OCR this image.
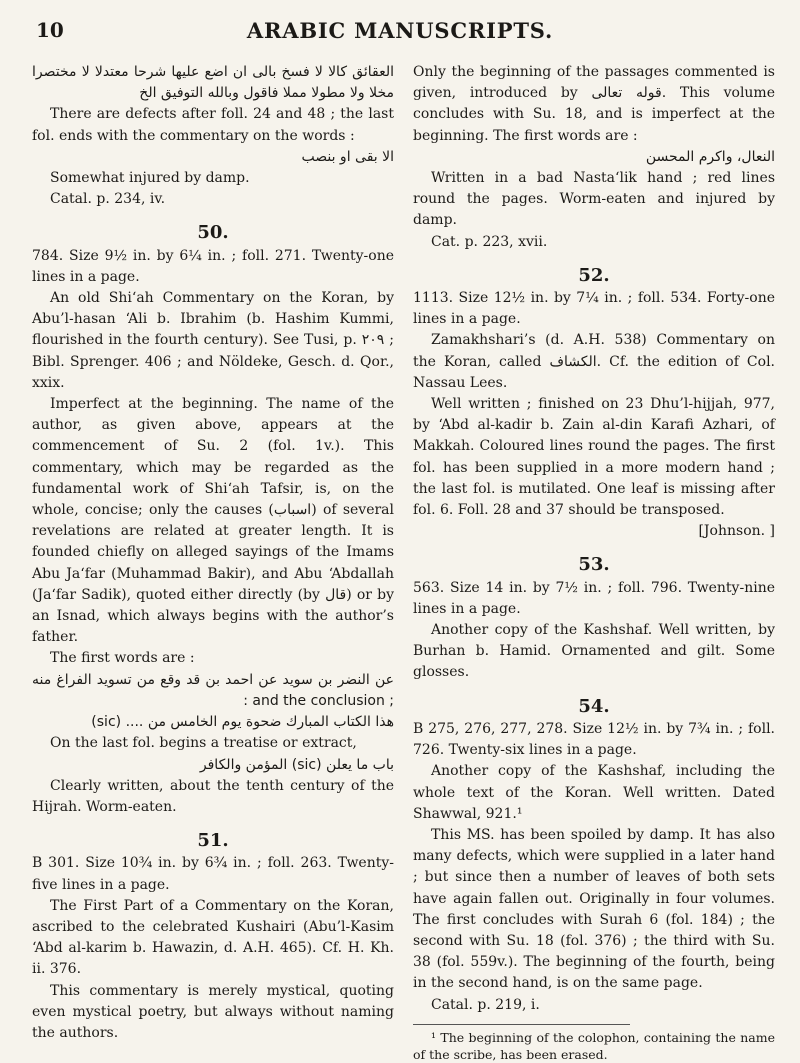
10	ARABIC MANUSCRIPTS.

العقائق كالا لا فسخ بالى ان اضع عليها شرحا معتدلا لا مختصرا مخلا ولا مطولا مملا فاقول وبالله التوفيق الخ

There are defects after foll. 24 and 48 ; the last fol. ends with the commentary on the words :

الا بقى او بنصب

Somewhat injured by damp.

Catal. p. 234, iv.

50.

784. Size 9½ in. by 6¼ in. ; foll. 271. Twenty-one lines in a page.

An old Shi‘ah Commentary on the Koran, by Abu’l-hasan ‘Ali b. Ibrahim (b. Hashim Kummi, flourished in the fourth century). See Tusi, p. ٢٠٩ ; Bibl. Sprenger. 406 ; and Nöldeke, Gesch. d. Qor., xxix.

Imperfect at the beginning. The name of the author, as given above, appears at the commencement of Su. 2 (fol. 1v.). This commentary, which may be regarded as the fundamental work of Shi‘ah Tafsir, is, on the whole, concise; only the causes (اسباب) of several revelations are related at greater length. It is founded chiefly on alleged sayings of the Imams Abu Ja‘far (Muhammad Bakir), and Abu ‘Abdallah (Ja‘far Sadik), quoted either directly (by قال) or by an Isnad, which always begins with the author’s father.

The first words are :

عن النضر بن سويد عن احمد بن قد وقع من تسويد الفراغ منه ; and the conclusion :

هذا الكتاب المبارك ضحوة يوم الخامس من .... (sic)

On the last fol. begins a treatise or extract,

باب ما يعلن (sic) المؤمن والكافر

Clearly written, about the tenth century of the Hijrah. Worm-eaten.

51.

B 301. Size 10¾ in. by 6¾ in. ; foll. 263. Twenty-five lines in a page.

The First Part of a Commentary on the Koran, ascribed to the celebrated Kushairi (Abu’l-Kasim ‘Abd al-karim b. Hawazin, d. A.H. 465). Cf. H. Kh. ii. 376.

This commentary is merely mystical, quoting even mystical poetry, but always without naming the authors.

Only the beginning of the passages commented is given, introduced by قوله تعالى. This volume concludes with Su. 18, and is imperfect at the beginning. The first words are :

النعال، واكرم المحسن

Written in a bad Nasta‘lik hand ; red lines round the pages. Worm-eaten and injured by damp.

Cat. p. 223, xvii.

52.

1113. Size 12½ in. by 7¼ in. ; foll. 534. Forty-one lines in a page.

Zamakhshari’s (d. A.H. 538) Commentary on the Koran, called الكشاف. Cf. the edition of Col. Nassau Lees.

Well written ; finished on 23 Dhu’l-hijjah, 977, by ‘Abd al-kadir b. Zain al-din Karafi Azhari, of Makkah. Coloured lines round the pages. The first fol. has been supplied in a more modern hand ; the last fol. is mutilated. One leaf is missing after fol. 6. Foll. 28 and 37 should be transposed.

[Johnson. ]

53.

563. Size 14 in. by 7½ in. ; foll. 796. Twenty-nine lines in a page.

Another copy of the Kashshaf. Well written, by Burhan b. Hamid. Ornamented and gilt. Some glosses.

54.

B 275, 276, 277, 278. Size 12½ in. by 7¾ in. ; foll. 726. Twenty-six lines in a page.

Another copy of the Kashshaf, including the whole text of the Koran. Well written. Dated Shawwal, 921.¹

This MS. has been spoiled by damp. It has also many defects, which were supplied in a later hand ; but since then a number of leaves of both sets have again fallen out. Originally in four volumes. The first concludes with Surah 6 (fol. 184) ; the second with Su. 18 (fol. 376) ; the third with Su. 38 (fol. 559v.). The beginning of the fourth, being in the second hand, is on the same page.

Catal. p. 219, i.

¹ The beginning of the colophon, containing the name of the scribe, has been erased.
